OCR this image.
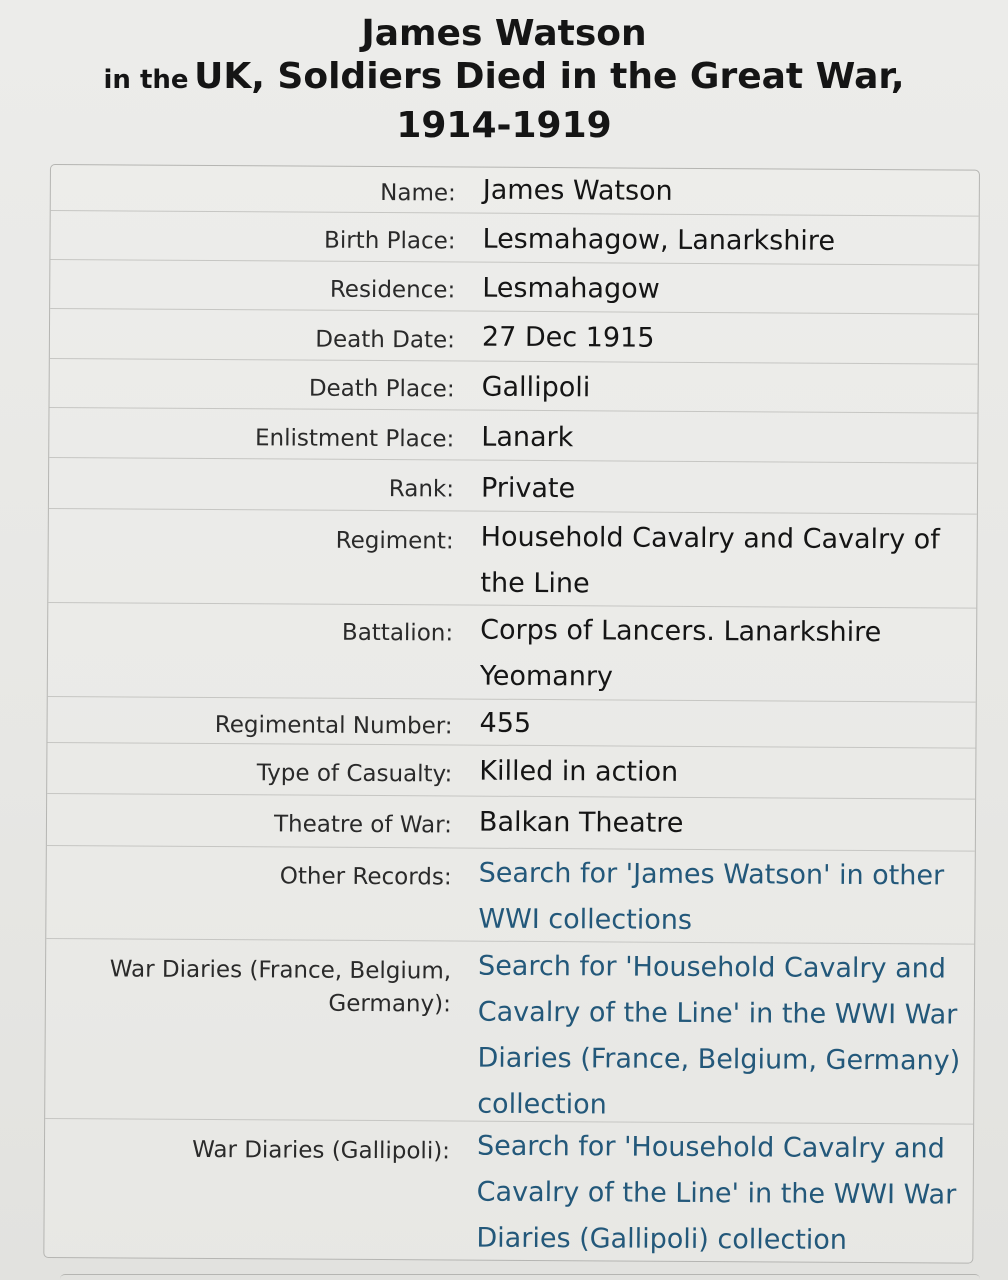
James Watson
in the UK, Soldiers Died in the Great War,
1914-1919
Name: James Watson
Birth Place: Lesmahagow, Lanarkshire
Residence: Lesmahagow
Death Date: 27 Dec 1915
Death Place: Gallipoli
Enlistment Place: Lanark
Rank: Private
Regiment: Household Cavalry and Cavalry of the Line
Battalion: Corps of Lancers. Lanarkshire Yeomanry
Regimental Number: 455
Type of Casualty: Killed in action
Theatre of War: Balkan Theatre
Other Records: Search for 'James Watson' in other WWI collections
War Diaries (France, Belgium, Germany):
Search for 'Household Cavalry and Cavalry of the Line' in the WWI War Diaries (France, Belgium, Germany) collection
War Diaries (Gallipoli): Search for 'Household Cavalry and Cavalry of the Line' in the WWI War Diaries (Gallipoli) collection
